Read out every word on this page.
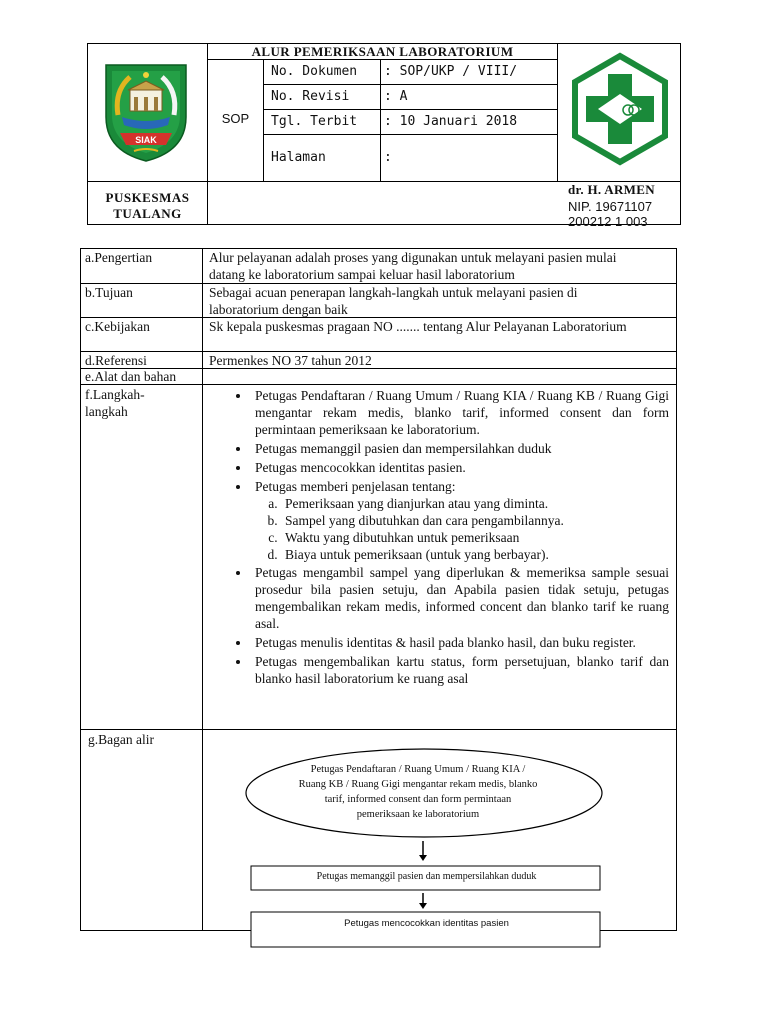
SIAK
ALUR PEMERIKSAAN LABORATORIUM
SOP
No. Dokumen : SOP/UKP / VIII/
No. Revisi	: A
Tgl. Terbit : 10 Januari 2018
Halaman	:
PUSKESMAS TUALANG
dr. H. ARMEN
NIP. 19671107
200212 1 003
a.Pengertian	Alur pelayanan adalah proses yang digunakan untuk melayani pasien mulai datang ke laboratorium sampai keluar hasil laboratorium
b.Tujuan	Sebagai acuan penerapan langkah-langkah untuk melayani pasien di laboratorium dengan baik
c.Kebijakan	Sk kepala puskesmas pragaan NO ....... tentang Alur Pelayanan Laboratorium
d.Referensi	Permenkes NO 37 tahun 2012
e.Alat dan bahan
f.Langkah-langkah
• Petugas Pendaftaran / Ruang Umum / Ruang KIA / Ruang KB / Ruang Gigi mengantar rekam medis, blanko tarif, informed consent dan form permintaan pemeriksaan ke laboratorium.
• Petugas memanggil pasien dan mempersilahkan duduk
• Petugas mencocokkan identitas pasien.
• Petugas memberi penjelasan tentang:
a. Pemeriksaan yang dianjurkan atau yang diminta.
b. Sampel yang dibutuhkan dan cara pengambilannya.
c. Waktu yang dibutuhkan untuk pemeriksaan
d. Biaya untuk pemeriksaan (untuk yang berbayar).
• Petugas mengambil sampel yang diperlukan & memeriksa sample sesuai prosedur bila pasien setuju, dan Apabila pasien tidak setuju, petugas mengembalikan rekam medis, informed concent dan blanko tarif ke ruang asal.
• Petugas menulis identitas & hasil pada blanko hasil, dan buku register.
• Petugas mengembalikan kartu status, form persetujuan, blanko tarif dan blanko hasil laboratorium ke ruang asal
g.Bagan alir
Petugas Pendaftaran / Ruang Umum / Ruang KIA / Ruang KB / Ruang Gigi mengantar rekam medis, blanko tarif, informed consent dan form permintaan pemeriksaan ke laboratorium
Petugas memanggil pasien dan mempersilahkan duduk
Petugas mencocokkan identitas pasien
